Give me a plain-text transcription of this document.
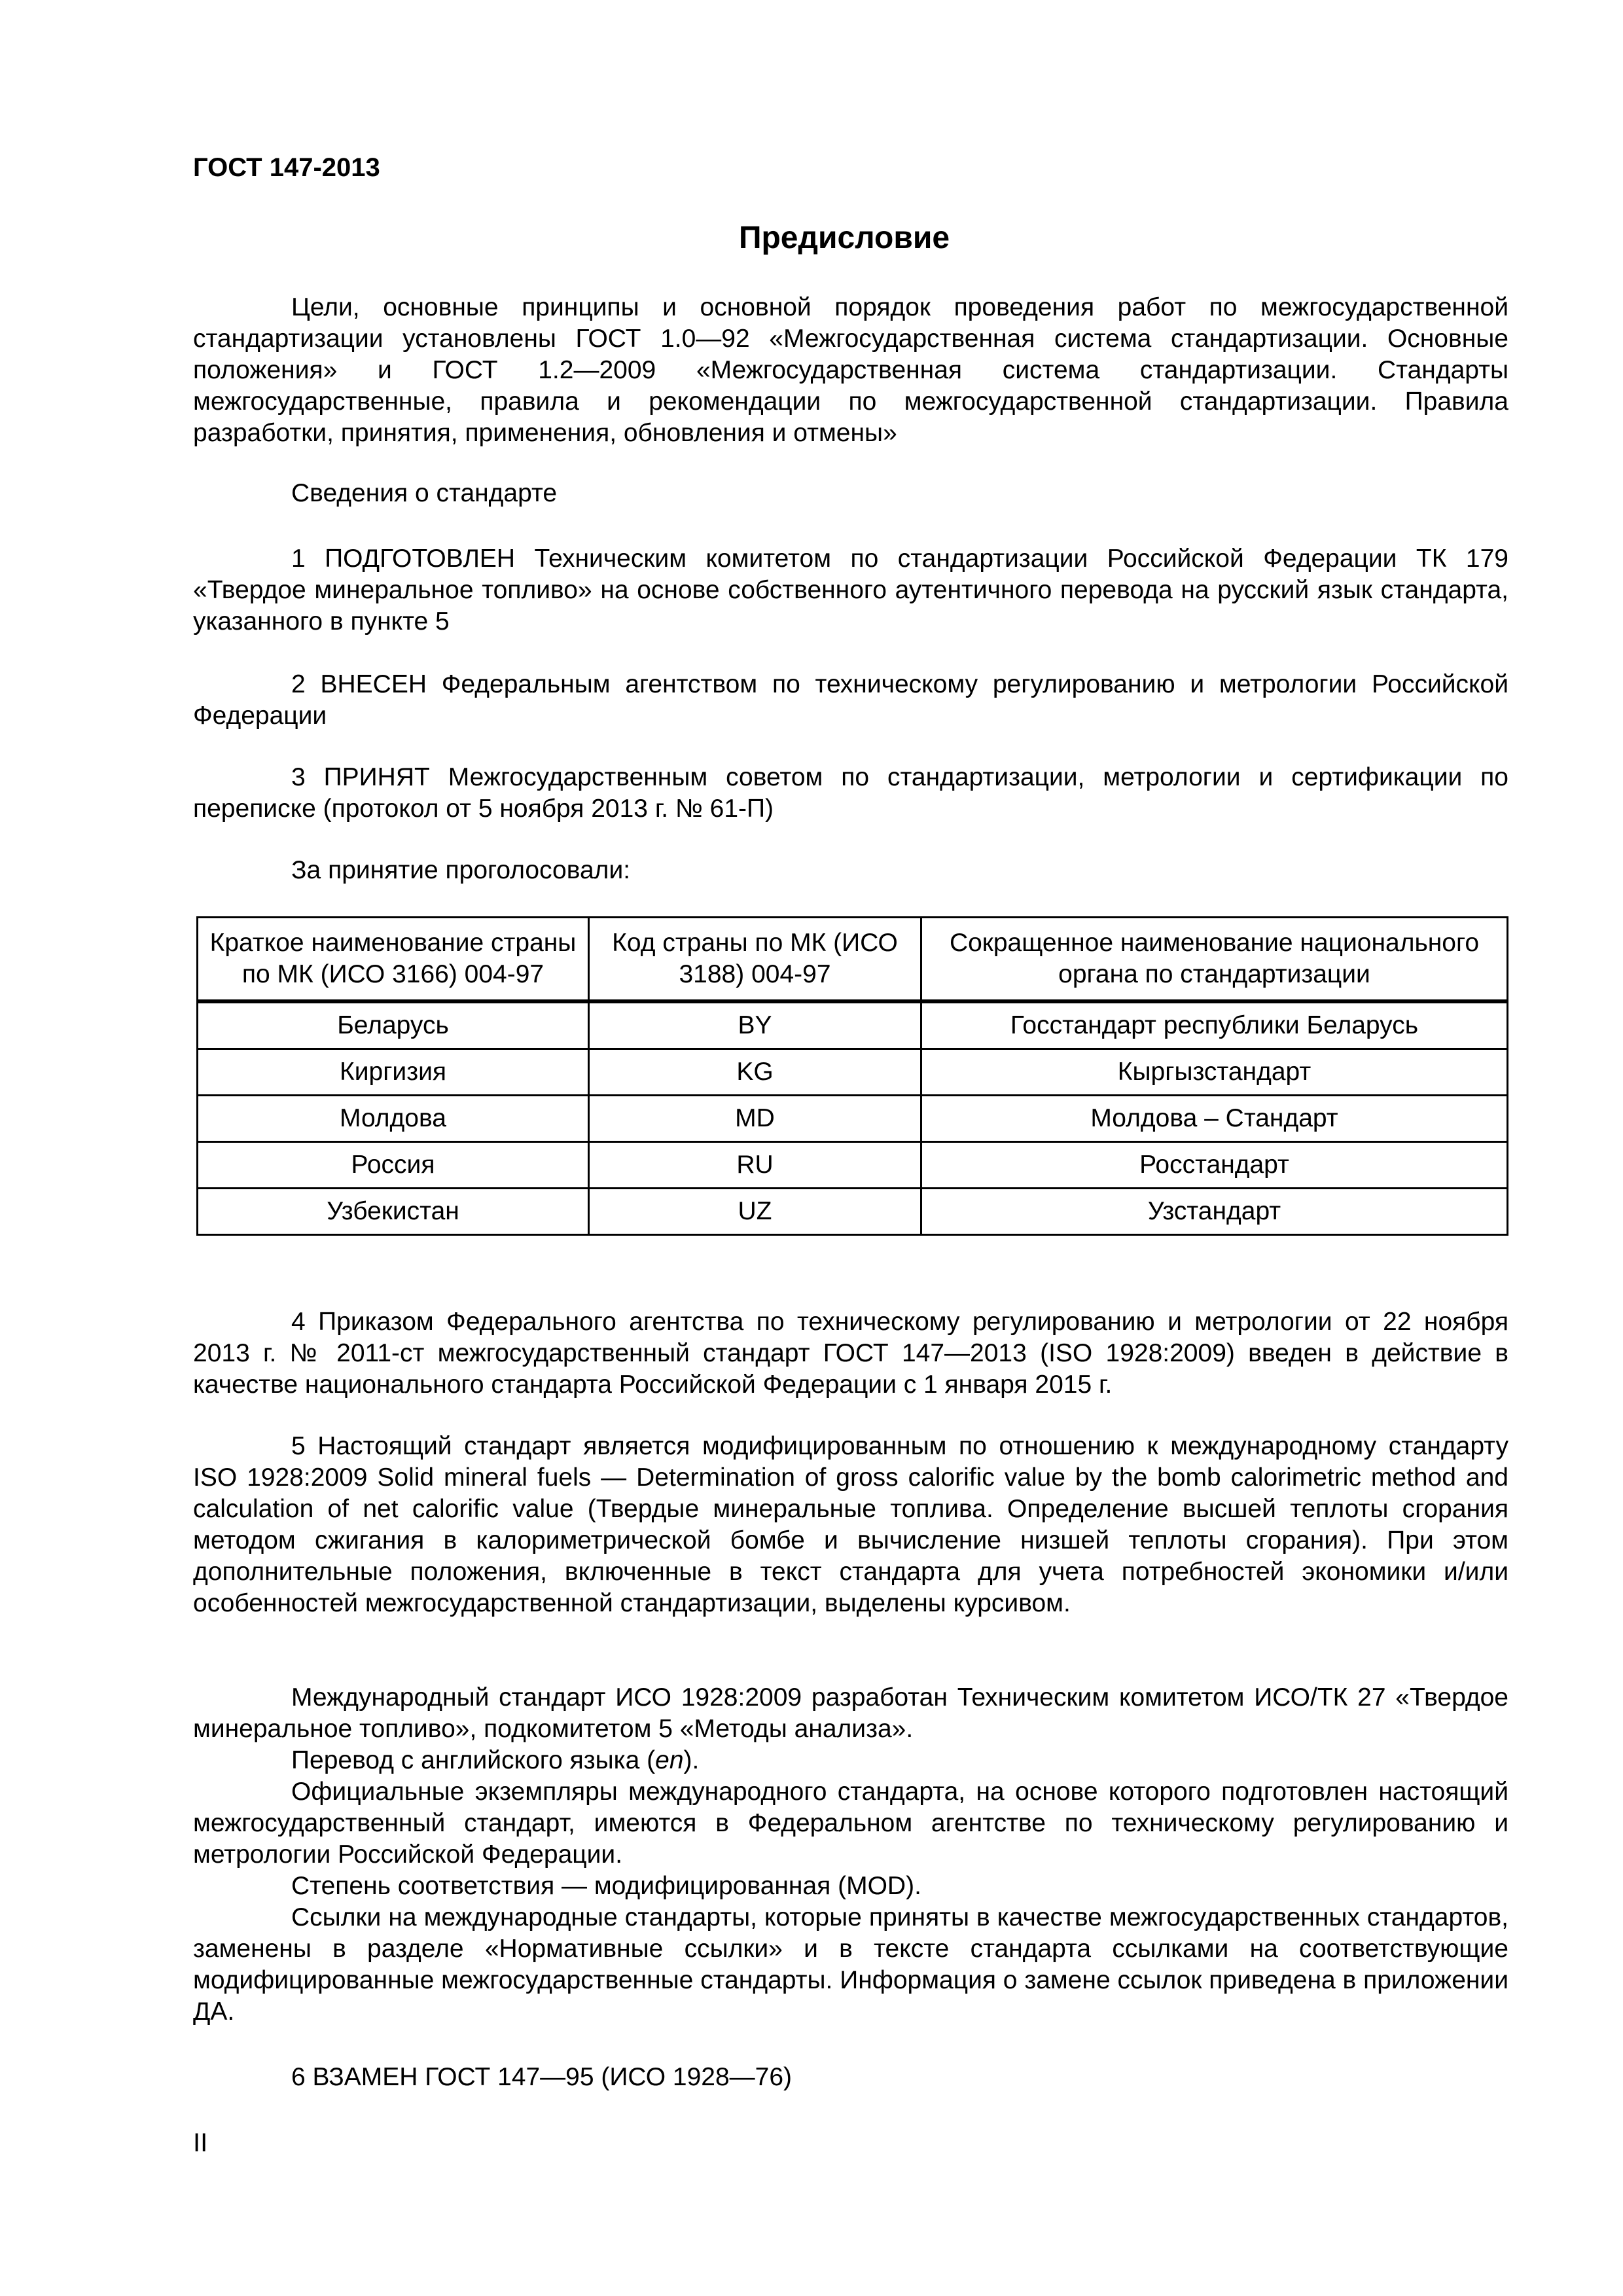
ГОСТ 147-2013
Предисловие
Цели, основные принципы и основной порядок проведения работ по межгосударственной стандартизации установлены ГОСТ 1.0—92 «Межгосударственная система стандартизации. Основные положения» и ГОСТ 1.2—2009 «Межгосударственная система стандартизации. Стандарты межгосударственные, правила и рекомендации по межгосударственной стандартизации. Правила разработки, принятия, применения, обновления и отмены»
Сведения о стандарте
1 ПОДГОТОВЛЕН Техническим комитетом по стандартизации Российской Федерации ТК 179 «Твердое минеральное топливо» на основе собственного аутентичного перевода на русский язык стандарта, указанного в пункте 5
2 ВНЕСЕН Федеральным агентством по техническому регулированию и метрологии Российской Федерации
3 ПРИНЯТ Межгосударственным советом по стандартизации, метрологии и сертификации по переписке (протокол от 5 ноября 2013 г. № 61-П)
За принятие проголосовали:
Краткое наименование страны по МК (ИСО 3166) 004-97	Код страны по МК (ИСО 3188) 004-97	Сокращенное наименование национального органа по стандартизации
Беларусь	BY	Госстандарт республики Беларусь
Киргизия	KG	Кыргызстандарт
Молдова	MD	Молдова – Стандарт
Россия	RU	Росстандарт
Узбекистан	UZ	Узстандарт
4 Приказом Федерального агентства по техническому регулированию и метрологии от 22 ноября 2013 г. № 2011-ст межгосударственный стандарт ГОСТ 147—2013 (ISO 1928:2009) введен в действие в качестве национального стандарта Российской Федерации с 1 января 2015 г.
5 Настоящий стандарт является модифицированным по отношению к международному стандарту ISO 1928:2009 Solid mineral fuels — Determination of gross calorific value by the bomb calorimetric method and calculation of net calorific value (Твердые минеральные топлива. Определение высшей теплоты сгорания методом сжигания в калориметрической бомбе и вычисление низшей теплоты сгорания). При этом дополнительные положения, включенные в текст стандарта для учета потребностей экономики и/или особенностей межгосударственной стандартизации, выделены курсивом.

Международный стандарт ИСО 1928:2009 разработан Техническим комитетом ИСО/ТК 27 «Твердое минеральное топливо», подкомитетом 5 «Методы анализа».

Перевод с английского языка (en).

Официальные экземпляры международного стандарта, на основе которого подготовлен настоящий межгосударственный стандарт, имеются в Федеральном агентстве по техническому регулированию и метрологии Российской Федерации.

Степень соответствия — модифицированная (MOD).

Ссылки на международные стандарты, которые приняты в качестве межгосударственных стандартов, заменены в разделе «Нормативные ссылки» и в тексте стандарта ссылками на соответствующие модифицированные межгосударственные стандарты. Информация о замене ссылок приведена в приложении ДА.

6 ВЗАМЕН ГОСТ 147—95 (ИСО 1928—76)
II
